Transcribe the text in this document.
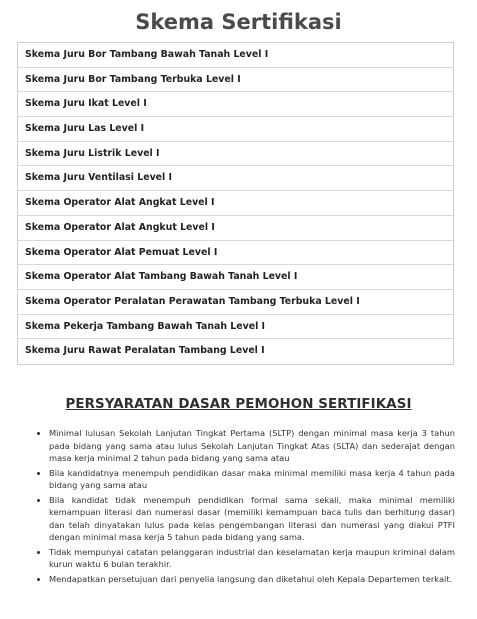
Skema Sertifikasi
Skema Juru Bor Tambang Bawah Tanah Level I
Skema Juru Bor Tambang Terbuka Level I
Skema Juru Ikat Level I
Skema Juru Las Level I
Skema Juru Listrik Level I
Skema Juru Ventilasi Level I
Skema Operator Alat Angkat Level I
Skema Operator Alat Angkut Level I
Skema Operator Alat Pemuat Level I
Skema Operator Alat Tambang Bawah Tanah Level I
Skema Operator Peralatan Perawatan Tambang Terbuka Level I
Skema Pekerja Tambang Bawah Tanah Level I
Skema Juru Rawat Peralatan Tambang Level I
PERSYARATAN DASAR PEMOHON SERTIFIKASI
• Minimal lulusan Sekolah Lanjutan Tingkat Pertama (SLTP) dengan minimal masa kerja 3 tahun pada bidang yang sama atau lulus Sekolah Lanjutan Tingkat Atas (SLTA) dan sederajat dengan masa kerja minimal 2 tahun pada bidang yang sama atau
• Bila kandidatnya menempuh pendidikan dasar maka minimal memiliki masa kerja 4 tahun pada bidang yang sama atau
• Bila kandidat tidak menempuh pendidikan formal sama sekali, maka minimal memiliki kemampuan literasi dan numerasi dasar (memiliki kemampuan baca tulis dan berhitung dasar) dan telah dinyatakan lulus pada kelas pengembangan literasi dan numerasi yang diakui PTFI dengan minimal masa kerja 5 tahun pada bidang yang sama.
• Tidak mempunyai catatan pelanggaran industrial dan keselamatan kerja maupun kriminal dalam kurun waktu 6 bulan terakhir.
• Mendapatkan persetujuan dari penyelia langsung dan diketahui oleh Kepala Departemen terkait.
